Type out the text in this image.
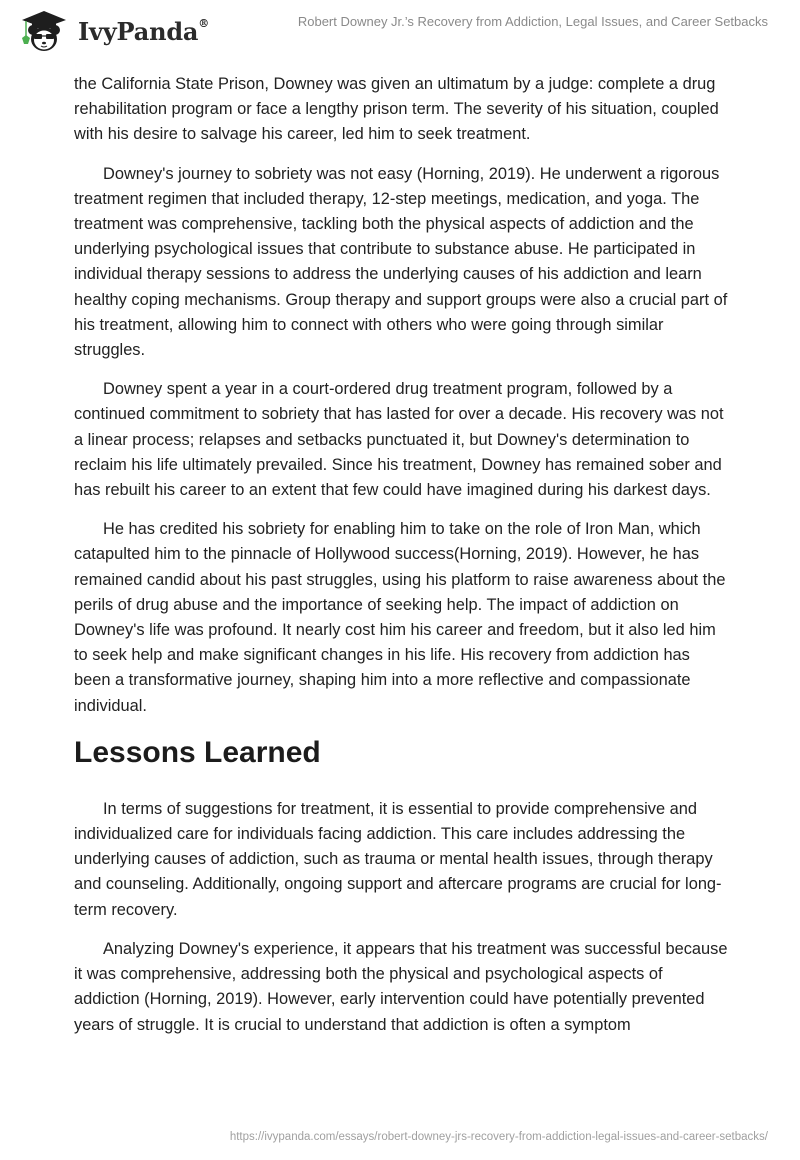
IvyPanda®	Robert Downey Jr.’s Recovery from Addiction, Legal Issues, and Career Setbacks

the California State Prison, Downey was given an ultimatum by a judge: complete a drug rehabilitation program or face a lengthy prison term. The severity of his situation, coupled with his desire to salvage his career, led him to seek treatment.

Downey's journey to sobriety was not easy (Horning, 2019). He underwent a rigorous treatment regimen that included therapy, 12-step meetings, medication, and yoga. The treatment was comprehensive, tackling both the physical aspects of addiction and the underlying psychological issues that contribute to substance abuse. He participated in individual therapy sessions to address the underlying causes of his addiction and learn healthy coping mechanisms. Group therapy and support groups were also a crucial part of his treatment, allowing him to connect with others who were going through similar struggles.

Downey spent a year in a court-ordered drug treatment program, followed by a continued commitment to sobriety that has lasted for over a decade. His recovery was not a linear process; relapses and setbacks punctuated it, but Downey's determination to reclaim his life ultimately prevailed. Since his treatment, Downey has remained sober and has rebuilt his career to an extent that few could have imagined during his darkest days.

He has credited his sobriety for enabling him to take on the role of Iron Man, which catapulted him to the pinnacle of Hollywood success(Horning, 2019). However, he has remained candid about his past struggles, using his platform to raise awareness about the perils of drug abuse and the importance of seeking help. The impact of addiction on Downey's life was profound. It nearly cost him his career and freedom, but it also led him to seek help and make significant changes in his life. His recovery from addiction has been a transformative journey, shaping him into a more reflective and compassionate individual.

Lessons Learned

In terms of suggestions for treatment, it is essential to provide comprehensive and individualized care for individuals facing addiction. This care includes addressing the underlying causes of addiction, such as trauma or mental health issues, through therapy and counseling. Additionally, ongoing support and aftercare programs are crucial for long-term recovery.

Analyzing Downey's experience, it appears that his treatment was successful because it was comprehensive, addressing both the physical and psychological aspects of addiction (Horning, 2019). However, early intervention could have potentially prevented years of struggle. It is crucial to understand that addiction is often a symptom

https://ivypanda.com/essays/robert-downey-jrs-recovery-from-addiction-legal-issues-and-career-setbacks/
